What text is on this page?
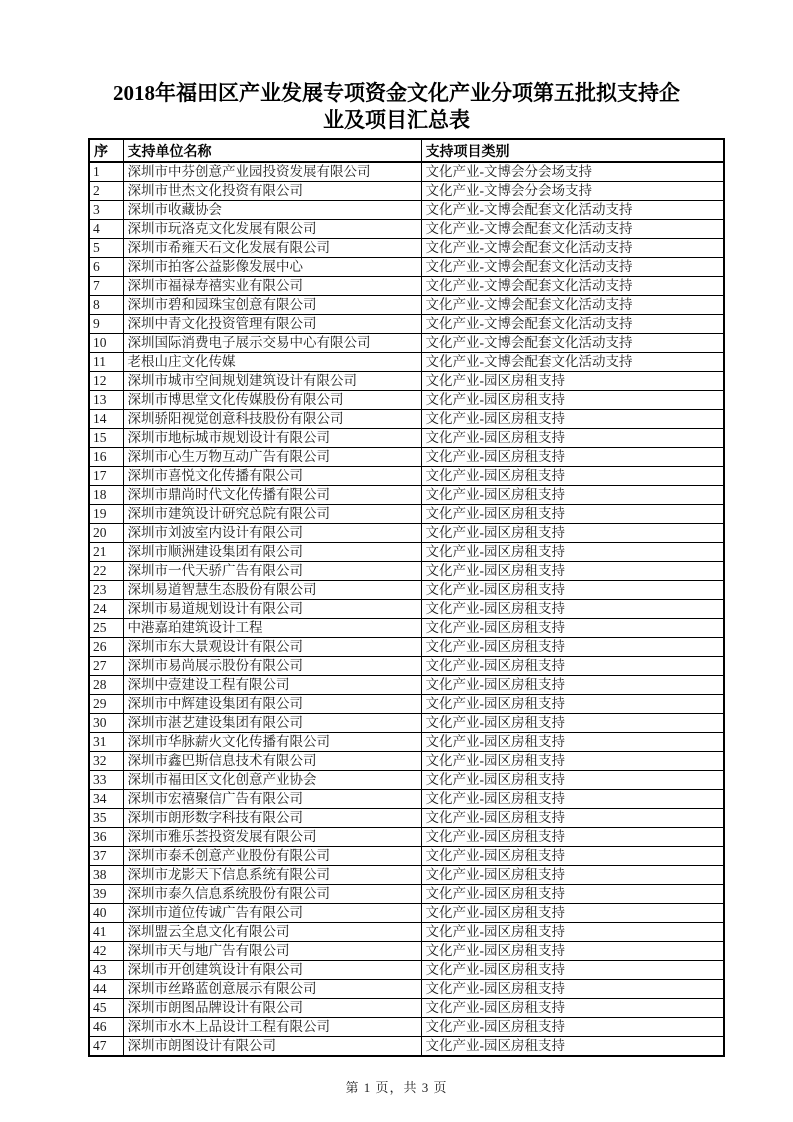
2018年福田区产业发展专项资金文化产业分项第五批拟支持企业及项目汇总表
序	支持单位名称	支持项目类别
1	深圳市中芬创意产业园投资发展有限公司	文化产业-文博会分会场支持
2	深圳市世杰文化投资有限公司	文化产业-文博会分会场支持
3	深圳市收藏协会	文化产业-文博会配套文化活动支持
4	深圳市玩洛克文化发展有限公司	文化产业-文博会配套文化活动支持
5	深圳市希雍天石文化发展有限公司	文化产业-文博会配套文化活动支持
6	深圳市拍客公益影像发展中心	文化产业-文博会配套文化活动支持
7	深圳市福禄寿禧实业有限公司	文化产业-文博会配套文化活动支持
8	深圳市碧和园珠宝创意有限公司	文化产业-文博会配套文化活动支持
9	深圳中青文化投资管理有限公司	文化产业-文博会配套文化活动支持
10	深圳国际消费电子展示交易中心有限公司	文化产业-文博会配套文化活动支持
11	老根山庄文化传媒	文化产业-文博会配套文化活动支持
12	深圳市城市空间规划建筑设计有限公司	文化产业-园区房租支持
13	深圳市博思堂文化传媒股份有限公司	文化产业-园区房租支持
14	深圳骄阳视觉创意科技股份有限公司	文化产业-园区房租支持
15	深圳市地标城市规划设计有限公司	文化产业-园区房租支持
16	深圳市心生万物互动广告有限公司	文化产业-园区房租支持
17	深圳市喜悦文化传播有限公司	文化产业-园区房租支持
18	深圳市鼎尚时代文化传播有限公司	文化产业-园区房租支持
19	深圳市建筑设计研究总院有限公司	文化产业-园区房租支持
20	深圳市刘波室内设计有限公司	文化产业-园区房租支持
21	深圳市顺洲建设集团有限公司	文化产业-园区房租支持
22	深圳市一代天骄广告有限公司	文化产业-园区房租支持
23	深圳易道智慧生态股份有限公司	文化产业-园区房租支持
24	深圳市易道规划设计有限公司	文化产业-园区房租支持
25	中港嘉珀建筑设计工程	文化产业-园区房租支持
26	深圳市东大景观设计有限公司	文化产业-园区房租支持
27	深圳市易尚展示股份有限公司	文化产业-园区房租支持
28	深圳中壹建设工程有限公司	文化产业-园区房租支持
29	深圳市中辉建设集团有限公司	文化产业-园区房租支持
30	深圳市湛艺建设集团有限公司	文化产业-园区房租支持
31	深圳市华脉薪火文化传播有限公司	文化产业-园区房租支持
32	深圳市鑫巴斯信息技术有限公司	文化产业-园区房租支持
33	深圳市福田区文化创意产业协会	文化产业-园区房租支持
34	深圳市宏禧聚信广告有限公司	文化产业-园区房租支持
35	深圳市朗形数字科技有限公司	文化产业-园区房租支持
36	深圳市雅乐荟投资发展有限公司	文化产业-园区房租支持
37	深圳市泰禾创意产业股份有限公司	文化产业-园区房租支持
38	深圳市龙影天下信息系统有限公司	文化产业-园区房租支持
39	深圳市泰久信息系统股份有限公司	文化产业-园区房租支持
40	深圳市道位传诚广告有限公司	文化产业-园区房租支持
41	深圳盟云全息文化有限公司	文化产业-园区房租支持
42	深圳市天与地广告有限公司	文化产业-园区房租支持
43	深圳市开创建筑设计有限公司	文化产业-园区房租支持
44	深圳市丝路蓝创意展示有限公司	文化产业-园区房租支持
45	深圳市朗图品牌设计有限公司	文化产业-园区房租支持
46	深圳市水木上品设计工程有限公司	文化产业-园区房租支持
47	深圳市朗图设计有限公司	文化产业-园区房租支持
第 1 页，共 3 页
